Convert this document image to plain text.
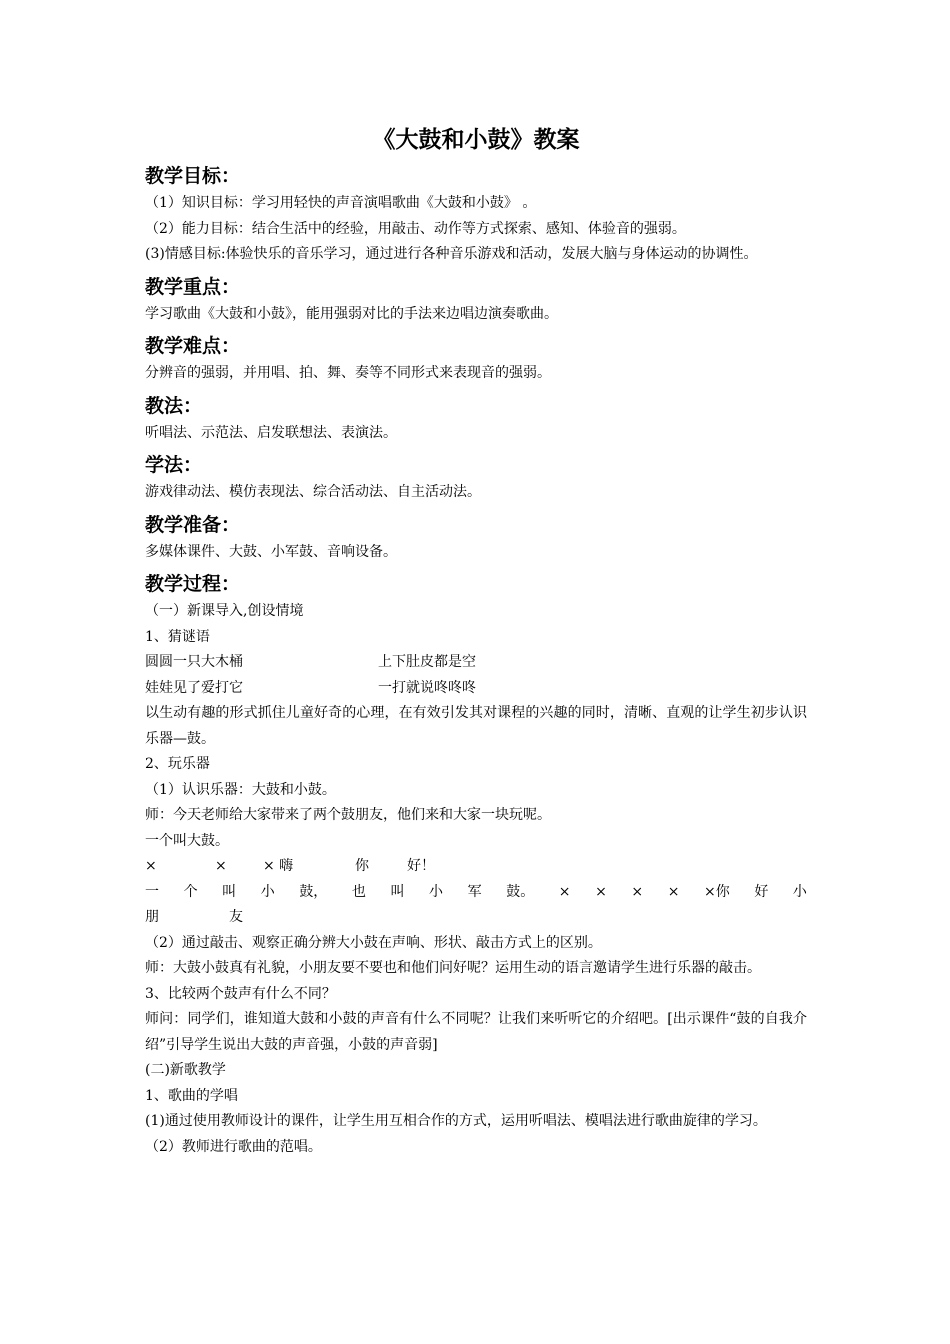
《大鼓和小鼓》教案
教学目标：
（1）知识目标：学习用轻快的声音演唱歌曲《大鼓和小鼓》 。
（2）能力目标：结合生活中的经验，用敲击、动作等方式探索、感知、体验音的强弱。
(3)情感目标:体验快乐的音乐学习，通过进行各种音乐游戏和活动，发展大脑与身体运动的协调性。
教学重点：
学习歌曲《大鼓和小鼓》，能用强弱对比的手法来边唱边演奏歌曲。
教学难点：
分辨音的强弱，并用唱、拍、舞、奏等不同形式来表现音的强弱。
教法：
听唱法、示范法、启发联想法、表演法。
学法：
游戏律动法、模仿表现法、综合活动法、自主活动法。
教学准备：
多媒体课件、大鼓、小军鼓、音响设备。
教学过程：
（一）新课导入,创设情境
1、猜谜语
圆圆一只大木桶	上下肚皮都是空
娃娃见了爱打它	一打就说咚咚咚
以生动有趣的形式抓住儿童好奇的心理，在有效引发其对课程的兴趣的同时，清晰、直观的让学生初步认识乐器—鼓。
2、玩乐器
（1）认识乐器：大鼓和小鼓。
师：今天老师给大家带来了两个鼓朋友，他们来和大家一块玩呢。
一个叫大鼓。
×	×	× 嗨	你	好！
一 个 叫 小 鼓， 也 叫 小 军 鼓。 × × × × ×你 好 小
朋	友
（2）通过敲击、观察正确分辨大小鼓在声响、形状、敲击方式上的区别。
师：大鼓小鼓真有礼貌，小朋友要不要也和他们问好呢？运用生动的语言邀请学生进行乐器的敲击。
3、比较两个鼓声有什么不同？
师问：同学们，谁知道大鼓和小鼓的声音有什么不同呢？让我们来听听它的介绍吧。[出示课件“鼓的自我介绍”引导学生说出大鼓的声音强，小鼓的声音弱]
(二)新歌教学
1、歌曲的学唱
(1)通过使用教师设计的课件，让学生用互相合作的方式，运用听唱法、模唱法进行歌曲旋律的学习。
（2）教师进行歌曲的范唱。
